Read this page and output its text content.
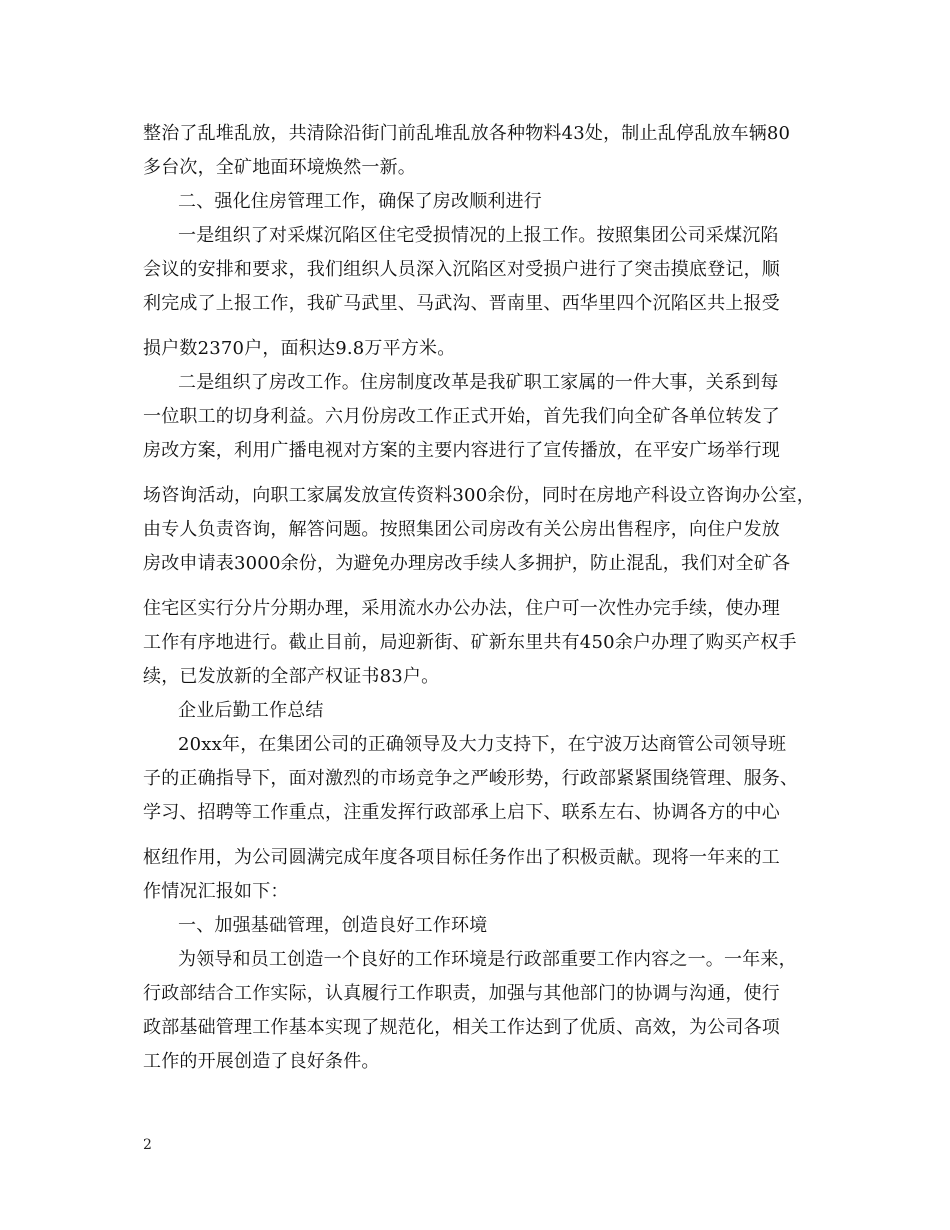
整治了乱堆乱放，共清除沿街门前乱堆乱放各种物料43处，制止乱停乱放车辆80
多台次，全矿地面环境焕然一新。
二、强化住房管理工作，确保了房改顺利进行
一是组织了对采煤沉陷区住宅受损情况的上报工作。按照集团公司采煤沉陷
会议的安排和要求，我们组织人员深入沉陷区对受损户进行了突击摸底登记，顺
利完成了上报工作，我矿马武里、马武沟、晋南里、西华里四个沉陷区共上报受
损户数2370户，面积达9.8万平方米。
二是组织了房改工作。住房制度改革是我矿职工家属的一件大事，关系到每
一位职工的切身利益。六月份房改工作正式开始，首先我们向全矿各单位转发了
房改方案，利用广播电视对方案的主要内容进行了宣传播放，在平安广场举行现
场咨询活动，向职工家属发放宣传资料300余份，同时在房地产科设立咨询办公室，
由专人负责咨询，解答问题。按照集团公司房改有关公房出售程序，向住户发放
房改申请表3000余份，为避免办理房改手续人多拥护，防止混乱，我们对全矿各
住宅区实行分片分期办理，采用流水办公办法，住户可一次性办完手续，使办理
工作有序地进行。截止目前，局迎新街、矿新东里共有450余户办理了购买产权手
续，已发放新的全部产权证书83户。
企业后勤工作总结
20xx年，在集团公司的正确领导及大力支持下，在宁波万达商管公司领导班
子的正确指导下，面对激烈的市场竞争之严峻形势，行政部紧紧围绕管理、服务、
学习、招聘等工作重点，注重发挥行政部承上启下、联系左右、协调各方的中心
枢纽作用，为公司圆满完成年度各项目标任务作出了积极贡献。现将一年来的工
作情况汇报如下：
一、加强基础管理，创造良好工作环境
为领导和员工创造一个良好的工作环境是行政部重要工作内容之一。一年来，
行政部结合工作实际，认真履行工作职责，加强与其他部门的协调与沟通，使行
政部基础管理工作基本实现了规范化，相关工作达到了优质、高效，为公司各项
工作的开展创造了良好条件。
2
